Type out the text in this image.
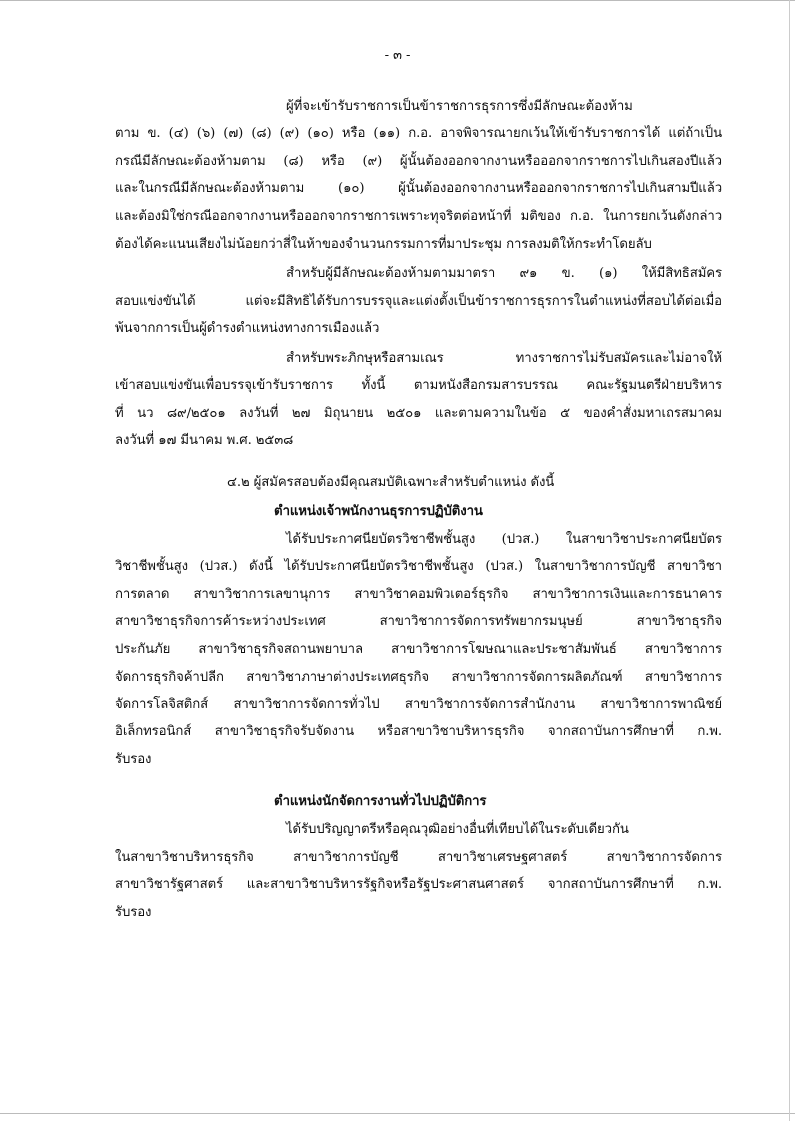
- ๓ -
ผู้ที่จะเข้ารับราชการเป็นข้าราชการธุรการซึ่งมีลักษณะต้องห้าม
ตาม ข. (๔) (๖) (๗) (๘) (๙) (๑๐) หรือ (๑๑) ก.อ. อาจพิจารณายกเว้นให้เข้ารับราชการได้ แต่ถ้าเป็น
กรณีมีลักษณะต้องห้ามตาม (๘) หรือ (๙) ผู้นั้นต้องออกจากงานหรือออกจากราชการไปเกินสองปีแล้ว
และในกรณีมีลักษณะต้องห้ามตาม (๑๐) ผู้นั้นต้องออกจากงานหรือออกจากราชการไปเกินสามปีแล้ว
และต้องมิใช่กรณีออกจากงานหรือออกจากราชการเพราะทุจริตต่อหน้าที่ มติของ ก.อ. ในการยกเว้นดังกล่าว
ต้องได้คะแนนเสียงไม่น้อยกว่าสี่ในห้าของจำนวนกรรมการที่มาประชุม การลงมติให้กระทำโดยลับ
สำหรับผู้มีลักษณะต้องห้ามตามมาตรา ๙๑ ข. (๑) ให้มีสิทธิสมัคร
สอบแข่งขันได้ แต่จะมีสิทธิได้รับการบรรจุและแต่งตั้งเป็นข้าราชการธุรการในตำแหน่งที่สอบได้ต่อเมื่อ
พ้นจากการเป็นผู้ดำรงตำแหน่งทางการเมืองแล้ว
สำหรับพระภิกษุหรือสามเณร ทางราชการไม่รับสมัครและไม่อาจให้
เข้าสอบแข่งขันเพื่อบรรจุเข้ารับราชการ ทั้งนี้ ตามหนังสือกรมสารบรรณ คณะรัฐมนตรีฝ่ายบริหาร
ที่ นว ๘๙/๒๕๐๑ ลงวันที่ ๒๗ มิถุนายน ๒๕๐๑ และตามความในข้อ ๕ ของคำสั่งมหาเถรสมาคม
ลงวันที่ ๑๗ มีนาคม พ.ศ. ๒๕๓๘
๔.๒ ผู้สมัครสอบต้องมีคุณสมบัติเฉพาะสำหรับตำแหน่ง ดังนี้
ตำแหน่งเจ้าพนักงานธุรการปฏิบัติงาน
ได้รับประกาศนียบัตรวิชาชีพชั้นสูง (ปวส.) ในสาขาวิชาประกาศนียบัตร
วิชาชีพชั้นสูง (ปวส.) ดังนี้ ได้รับประกาศนียบัตรวิชาชีพชั้นสูง (ปวส.) ในสาขาวิชาการบัญชี สาขาวิชา
การตลาด สาขาวิชาการเลขานุการ สาขาวิชาคอมพิวเตอร์ธุรกิจ สาขาวิชาการเงินและการธนาคาร
สาขาวิชาธุรกิจการค้าระหว่างประเทศ สาขาวิชาการจัดการทรัพยากรมนุษย์ สาขาวิชาธุรกิจ
ประกันภัย สาขาวิชาธุรกิจสถานพยาบาล สาขาวิชาการโฆษณาและประชาสัมพันธ์ สาขาวิชาการ
จัดการธุรกิจค้าปลีก สาขาวิชาภาษาต่างประเทศธุรกิจ สาขาวิชาการจัดการผลิตภัณฑ์ สาขาวิชาการ
จัดการโลจิสติกส์ สาขาวิชาการจัดการทั่วไป สาขาวิชาการจัดการสำนักงาน สาขาวิชาการพาณิชย์
อิเล็กทรอนิกส์ สาขาวิชาธุรกิจรับจัดงาน หรือสาขาวิชาบริหารธุรกิจ จากสถาบันการศึกษาที่ ก.พ.
รับรอง
ตำแหน่งนักจัดการงานทั่วไปปฏิบัติการ
ได้รับปริญญาตรีหรือคุณวุฒิอย่างอื่นที่เทียบได้ในระดับเดียวกัน
ในสาขาวิชาบริหารธุรกิจ สาขาวิชาการบัญชี สาขาวิชาเศรษฐศาสตร์ สาขาวิชาการจัดการ
สาขาวิชารัฐศาสตร์ และสาขาวิชาบริหารรัฐกิจหรือรัฐประศาสนศาสตร์ จากสถาบันการศึกษาที่ ก.พ.
รับรอง
